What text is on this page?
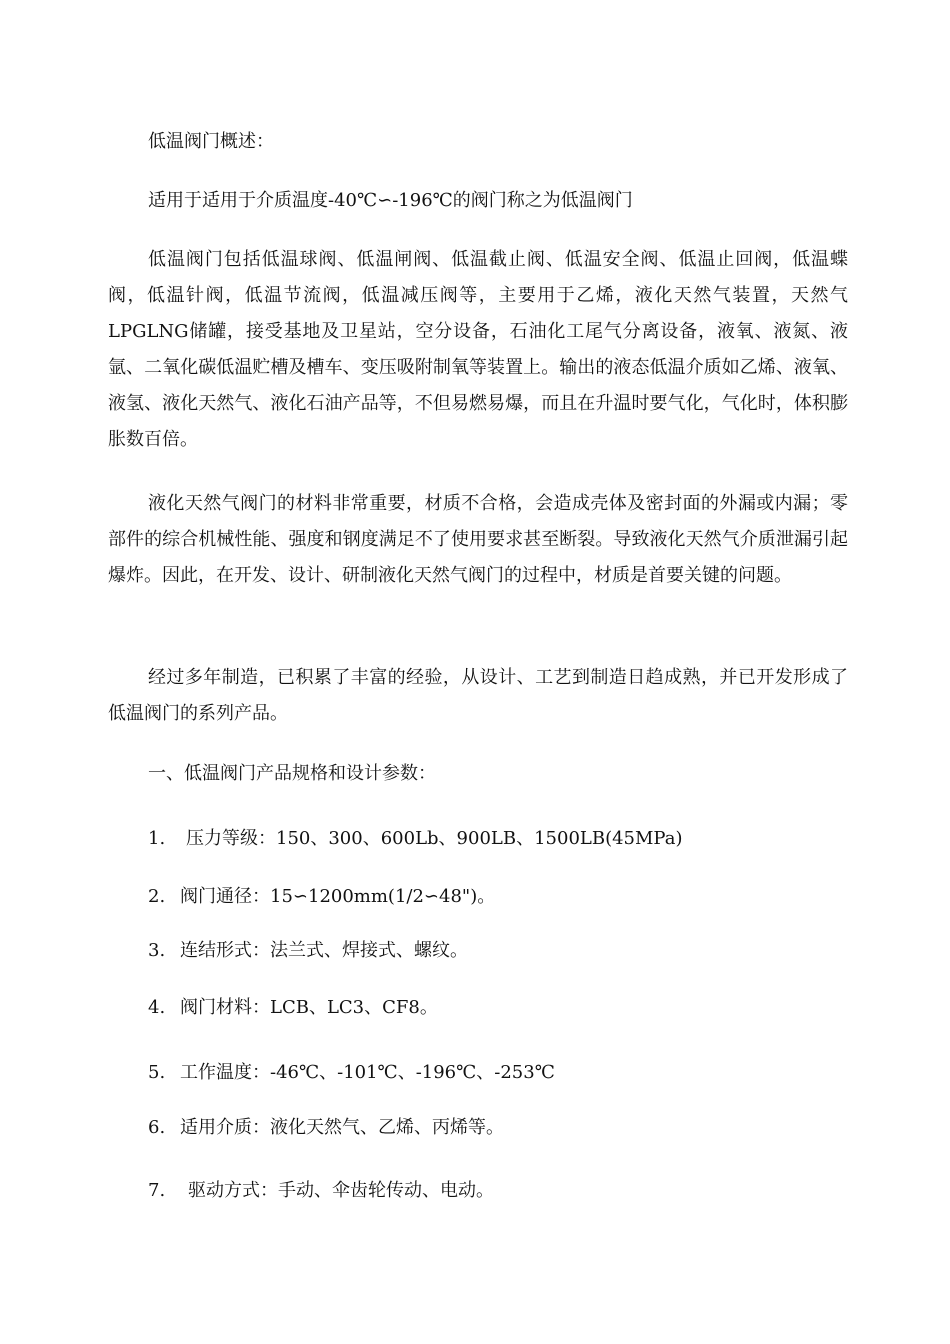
低温阀门概述：

适用于适用于介质温度-40℃∽-196℃的阀门称之为低温阀门

低温阀门包括低温球阀、低温闸阀、低温截止阀、低温安全阀、低温止回阀，低温蝶阀，低温针阀，低温节流阀，低温减压阀等，主要用于乙烯，液化天然气装置，天然气LPGLNG储罐，接受基地及卫星站，空分设备，石油化工尾气分离设备，液氧、液氮、液氩、二氧化碳低温贮槽及槽车、变压吸附制氧等装置上。输出的液态低温介质如乙烯、液氧、液氢、液化天然气、液化石油产品等，不但易燃易爆，而且在升温时要气化，气化时，体积膨胀数百倍。

液化天然气阀门的材料非常重要，材质不合格，会造成壳体及密封面的外漏或内漏；零部件的综合机械性能、强度和钢度满足不了使用要求甚至断裂。导致液化天然气介质泄漏引起爆炸。因此，在开发、设计、研制液化天然气阀门的过程中，材质是首要关键的问题。

经过多年制造，已积累了丰富的经验，从设计、工艺到制造日趋成熟，并已开发形成了低温阀门的系列产品。

一、低温阀门产品规格和设计参数：

1. 压力等级：150、300、600Lb、900LB、1500LB(45MPa)
2. 阀门通径：15∽1200mm(1/2∽48")。
3. 连结形式：法兰式、焊接式、螺纹。
4. 阀门材料：LCB、LC3、CF8。
5. 工作温度：-46℃、-101℃、-196℃、-253℃
6. 适用介质：液化天然气、乙烯、丙烯等。
7. 驱动方式：手动、伞齿轮传动、电动。
